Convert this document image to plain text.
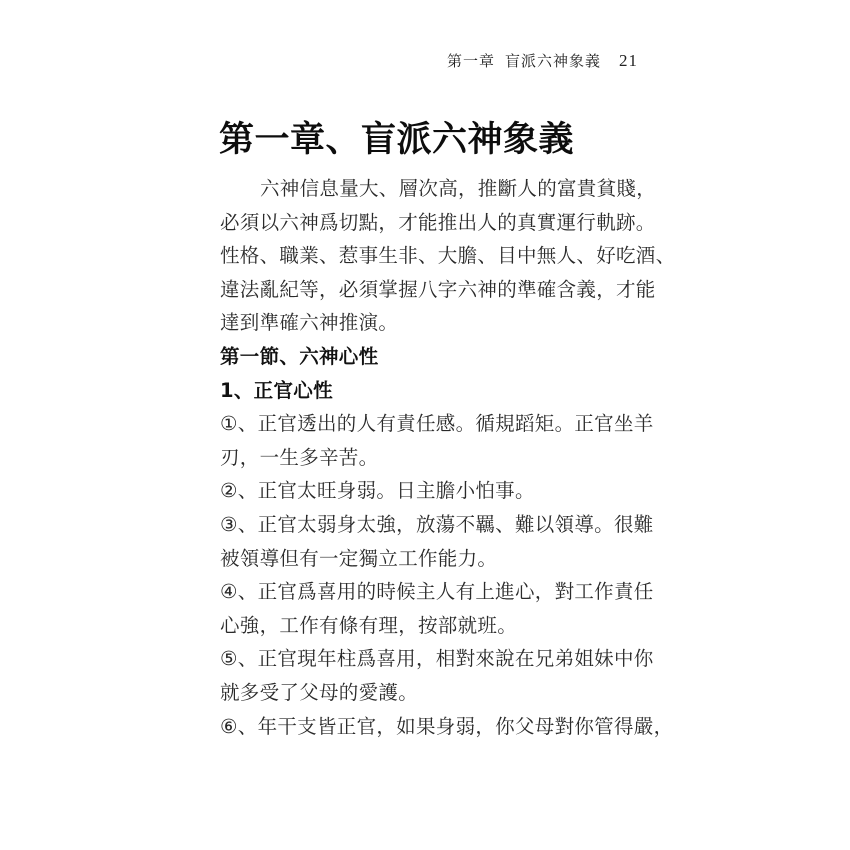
第一章 盲派六神象義 21
第一章、盲派六神象義
六神信息量大、層次高，推斷人的富貴貧賤，
必須以六神爲切點，才能推出人的真實運行軌跡。
性格、職業、惹事生非、大膽、目中無人、好吃酒、
違法亂紀等，必須掌握八字六神的準確含義，才能
達到準確六神推演。
第一節、六神心性
1、正官心性
①、正官透出的人有責任感。循規蹈矩。正官坐羊
刃，一生多辛苦。
②、正官太旺身弱。日主膽小怕事。
③、正官太弱身太強，放蕩不羈、難以領導。很難
被領導但有一定獨立工作能力。
④、正官爲喜用的時候主人有上進心，對工作責任
心強，工作有條有理，按部就班。
⑤、正官現年柱爲喜用，相對來說在兄弟姐妹中你
就多受了父母的愛護。
⑥、年干支皆正官，如果身弱，你父母對你管得嚴，
